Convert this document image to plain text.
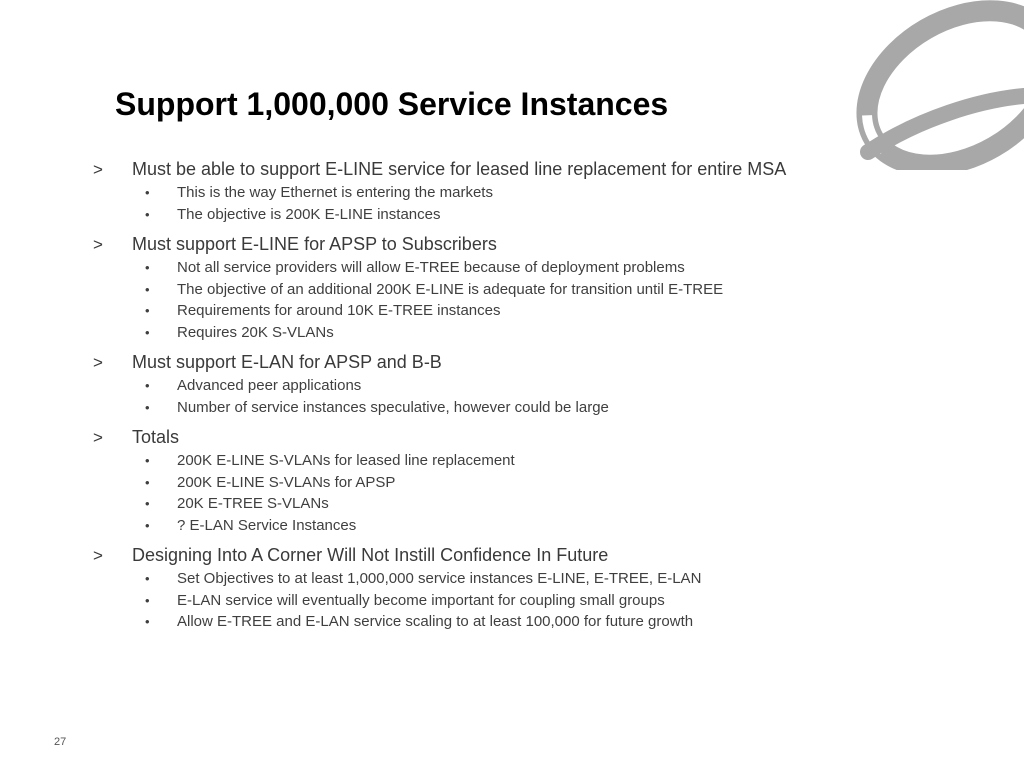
Support 1,000,000 Service Instances
>	Must be able to support E-LINE service for leased line replacement for entire MSA
•	This is the way Ethernet is entering the markets
•	The objective is 200K E-LINE instances
>	Must support E-LINE for APSP to Subscribers
•	Not all service providers will allow E-TREE because of deployment problems
•	The objective of an additional 200K E-LINE is adequate for transition until E-TREE
•	Requirements for around 10K E-TREE instances
•	Requires 20K S-VLANs
>	Must support E-LAN for APSP and B-B
•	Advanced peer applications
•	Number of service instances speculative, however could be large
>	Totals
•	200K E-LINE S-VLANs for leased line replacement
•	200K E-LINE S-VLANs for APSP
•	20K E-TREE S-VLANs
•	? E-LAN Service Instances
>	Designing Into A Corner Will Not Instill Confidence In Future
•	Set Objectives to at least 1,000,000 service instances E-LINE, E-TREE, E-LAN
•	E-LAN service will eventually become important for coupling small groups
•	Allow E-TREE and E-LAN service scaling to at least 100,000 for future growth
27
